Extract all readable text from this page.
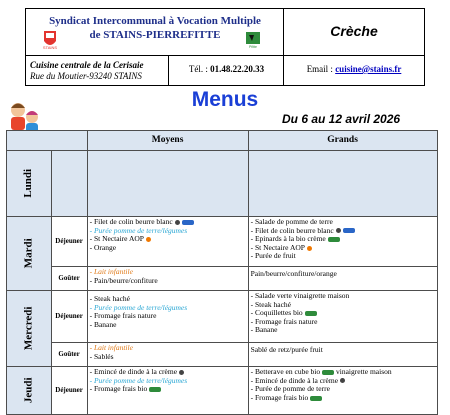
Syndicat Intercommunal à Vocation Multiple
de STAINS-PIERREFITTE
STAINS	Pfitte
Crèche
Cuisine centrale de la Cerisaie
Rue du Moutier-93240 STAINS
Tél. : 01.48.22.20.33	Email : cuisine@stains.fr
Menus
Du 6 au 12 avril 2026
		Moyens	Grands
Lundi			
Mardi	Déjeuner	- Filet de colin beurre blanc
- Purée pomme de terre/légumes
- St Nectaire AOP
- Orange	- Salade de pomme de terre
- Filet de colin beurre blanc
- Epinards à la bio crème
- St Nectaire AOP
- Purée de fruit

	Goûter	- Lait infantile
- Pain/beurre/confiture	Pain/beurre/confiture/orange

Mercredi	Déjeuner	- Steak haché
- Purée pomme de terre/légumes
- Fromage frais nature
- Banane	- Salade verte vinaigrette maison
- Steak haché
- Coquillettes bio
- Fromage frais nature
- Banane

	Goûter	- Lait infantile
- Sablés	Sablé de retz/purée fruit

Jeudi	Déjeuner	- Emincé de dinde à la crème
- Purée pomme de terre/légumes
- Fromage frais bio	- Betterave en cube bio vinaigrette maison
- Emincé de dinde à la crème
- Purée de pomme de terre
- Fromage frais bio
